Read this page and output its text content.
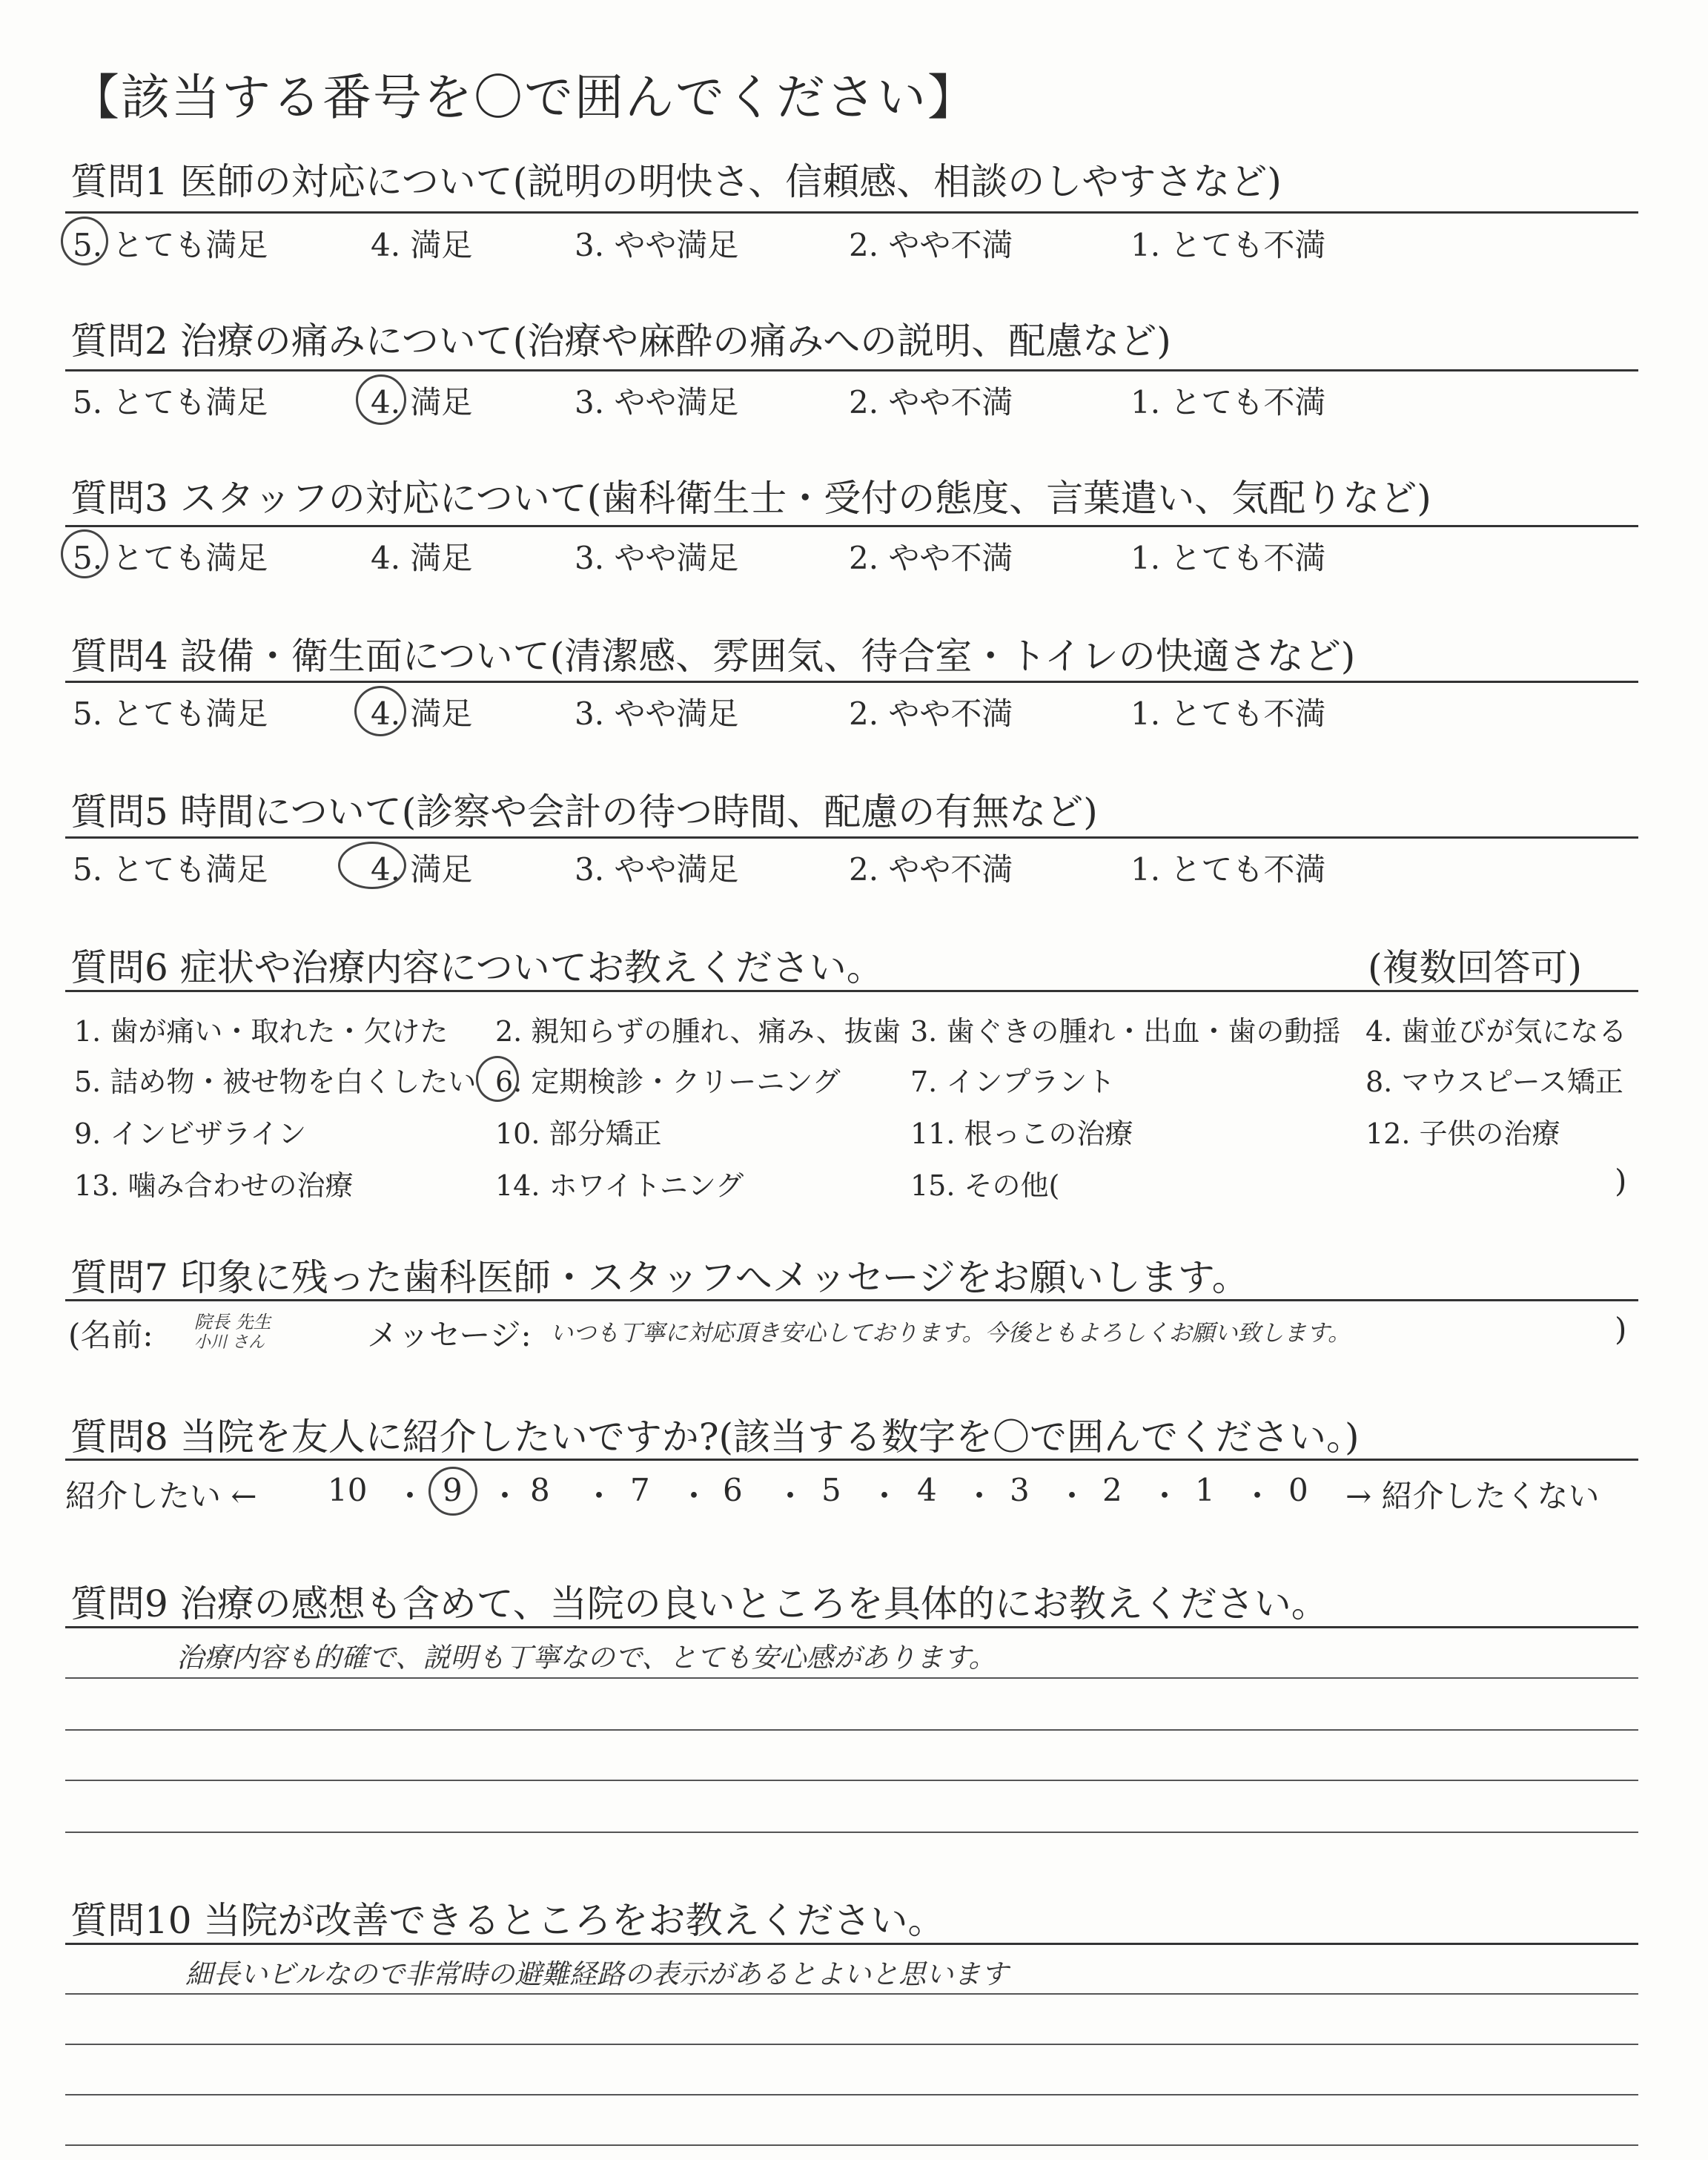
【該当する番号を〇で囲んでください】
質問1 医師の対応について(説明の明快さ、信頼感、相談のしやすさなど)
5. とても満足	4. 満足	3. やや満足	2. やや不満	1. とても不満
質問2 治療の痛みについて(治療や麻酔の痛みへの説明、配慮など)
5. とても満足	4. 満足	3. やや満足	2. やや不満	1. とても不満
質問3 スタッフの対応について(歯科衛生士・受付の態度、言葉遣い、気配りなど)
5. とても満足	4. 満足	3. やや満足	2. やや不満	1. とても不満
質問4 設備・衛生面について(清潔感、雰囲気、待合室・トイレの快適さなど)
5. とても満足	4. 満足	3. やや満足	2. やや不満	1. とても不満
質問5 時間について(診察や会計の待つ時間、配慮の有無など)
5. とても満足	4. 満足	3. やや満足	2. やや不満	1. とても不満
質問6 症状や治療内容についてお教えください。	(複数回答可)
1. 歯が痛い・取れた・欠けた 2. 親知らずの腫れ、痛み、抜歯 3. 歯ぐきの腫れ・出血・歯の動揺 4. 歯並びが気になる
5. 詰め物・被せ物を白くしたい 6. 定期検診・クリーニング 7. インプラント	8. マウスピース矯正
9. インビザライン	10. 部分矯正	11. 根っこの治療	12. 子供の治療
13. 噛み合わせの治療	14. ホワイトニング	15. その他(	)
質問7 印象に残った歯科医師・スタッフへメッセージをお願いします。
(名前: 院長 先生
小川 さん	メッセージ: いつも丁寧に対応頂き安心しております。今後ともよろしくお願い致します。	)
質問8 当院を友人に紹介したいですか?(該当する数字を〇で囲んでください。)
紹介したい ← 10 ・ 9 ・ 8 ・ 7 ・ 6 ・ 5 ・ 4 ・ 3 ・ 2 ・ 1 ・ 0 → 紹介したくない
質問9 治療の感想も含めて、当院の良いところを具体的にお教えください。
治療内容も的確で、説明も丁寧なので、とても安心感があります。
質問10 当院が改善できるところをお教えください。
細長いビルなので非常時の避難経路の表示があるとよいと思います
